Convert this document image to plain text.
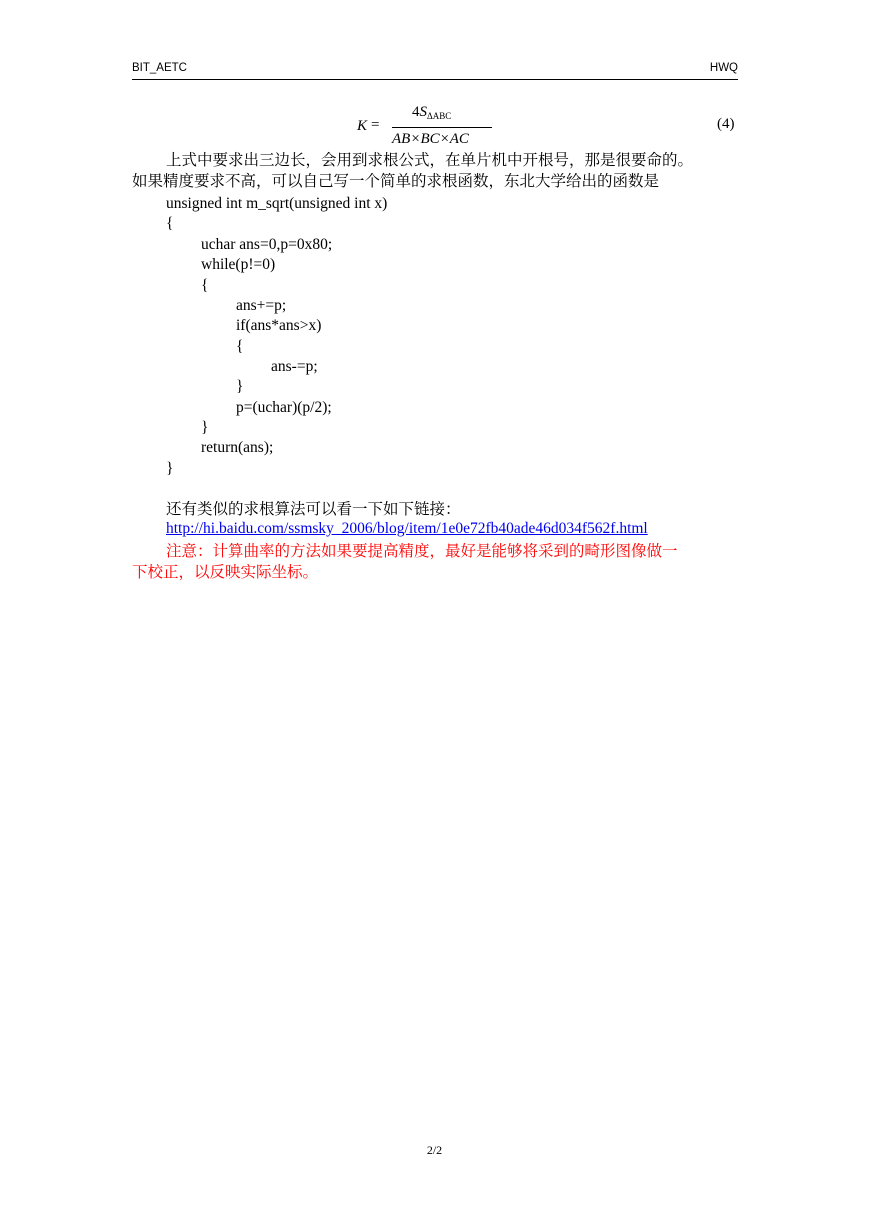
BIT_AETC	HWQ
K =
$4S_{\Delta ABC}$
AB×BC×AC
(4)

上式中要求出三边长，会用到求根公式，在单片机中开根号，那是很要命的。

如果精度要求不高，可以自己写一个简单的求根函数，东北大学给出的函数是

unsigned int m_sqrt(unsigned int x)
{
uchar ans=0,p=0x80;
while(p!=0)
{
ans+=p;
if(ans*ans>x)
{
ans-=p;
}
p=(uchar)(p/2);
}
return(ans);
}

还有类似的求根算法可以看一下如下链接：

http://hi.baidu.com/ssmsky_2006/blog/item/1e0e72fb40ade46d034f562f.html

注意：计算曲率的方法如果要提高精度，最好是能够将采到的畸形图像做一

下校正，以反映实际坐标。

2/2
